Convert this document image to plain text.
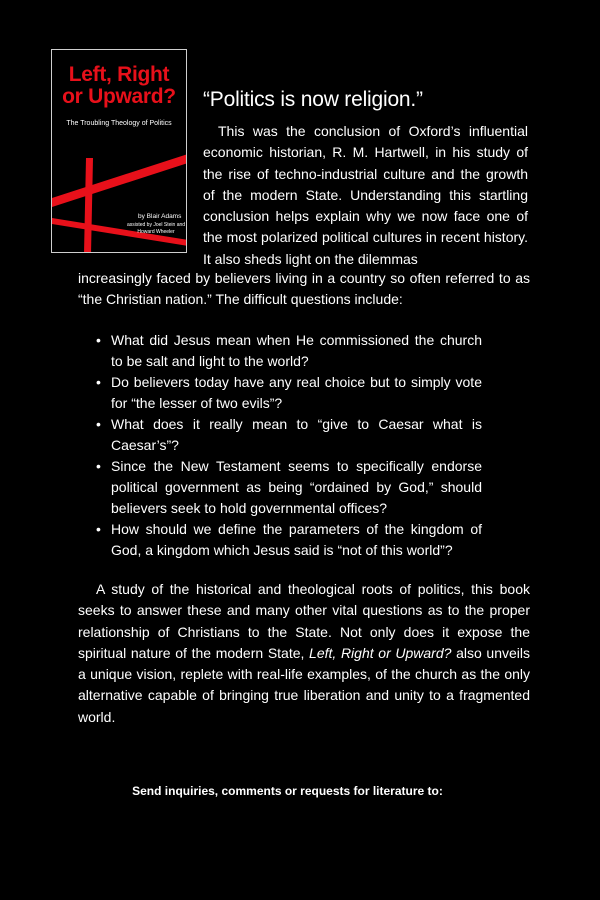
Left, Right
or Upward?
The Troubling Theology of Politics
by Blair Adams
assisted by Joel Stein and Howard Wheeler
“Politics is now religion.”

This was the conclusion of Oxford’s influential economic historian, R. M. Hartwell, in his study of the rise of techno-industrial culture and the growth of the modern State. Understanding this startling conclusion helps explain why we now face one of the most polarized political cultures in recent history. It also sheds light on the dilemmas

increasingly faced by believers living in a country so often referred to as “the Christian nation.” The difficult questions include:

• What did Jesus mean when He commissioned the church to be salt and light to the world?
• Do believers today have any real choice but to simply vote for “the lesser of two evils”?
• What does it really mean to “give to Caesar what is Caesar’s”?
• Since the New Testament seems to specifically endorse political government as being “ordained by God,” should believers seek to hold governmental offices?
• How should we define the parameters of the kingdom of God, a kingdom which Jesus said is “not of this world”?

A study of the historical and theological roots of politics, this book seeks to answer these and many other vital questions as to the proper relationship of Christians to the State. Not only does it expose the spiritual nature of the modern State, Left, Right or Upward? also unveils a unique vision, replete with real-life examples, of the church as the only alternative capable of bringing true liberation and unity to a fragmented world.

Send inquiries, comments or requests for literature to:
